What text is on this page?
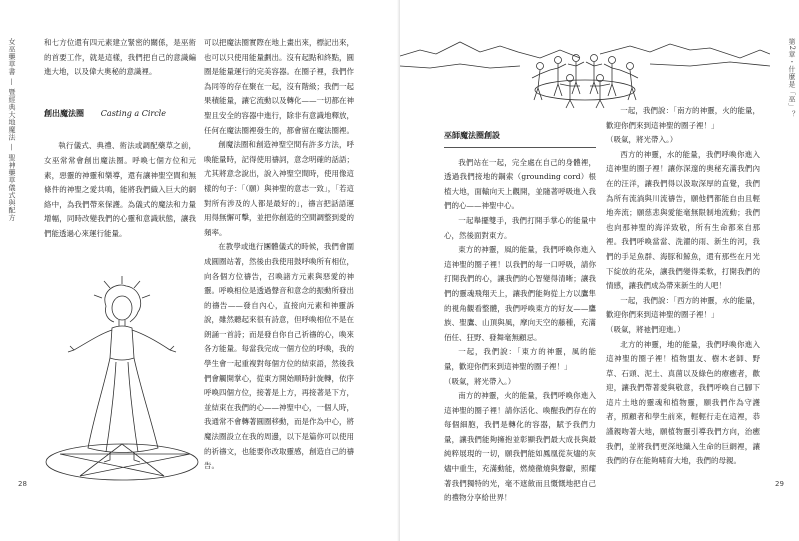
女巫藥草書 — 暨經典大地魔法 — 聖神藥草儀式與配方	和七方位還有四元素建立緊密的關係，是巫術的首要工作，就是這樣，我們把自己的意識編進大地，以及偉大奧秘的意識裡。

創出魔法圈 Casting a Circle

執行儀式、典禮、術法或調配藥草之前，女巫常常會創出魔法圈。呼喚七個方位和元素，惡靈的神靈和樂導，還有讓神聖空間和無條件的神聖之愛共鳴，能將我們織入巨大的網絡中，為我們帶來保護。為儀式的魔法和力量增幅，同時改變我們的心靈和意識狀態，讓我們能透過心來運行能量。

可以把魔法圈實際在地上畫出來，標記出來，也可以只使用能量劃出。沒有起點和終點，圓圈是能量運行的完美容器。在圈子裡，我們作為同等的存在聚在一起，沒有階級；我們一起果積能量，讓它流動以及轉化——一切都在神聖且安全的容器中進行，除非有意識地釋放，任何在魔法圈裡發生的，都會留在魔法圈裡。

創魔法圈和創造神聖空間有許多方法，呼喚能量時，記得使用禱詞，意念明確的話語；尤其將意念說出，說入神聖空間時，使用像這樣的句子：「（願）與神聖的意志一致」，「若這對所有涉及的人都是最好的」，禱言把話語運用得無懈可擊，並把你創造的空間調整到愛的頻率。

在教學或進行團體儀式的時候，我們會圍成圓圈站著，然後由我使用鼓呼喚所有相位，向各個方位禱告，召喚諸方元素與惡愛的神靈。呼喚相位是透過聲音和意念的振動所發出的禱告——發自內心，直接向元素和神靈訴說，雖然聽起來很有詩意，但呼喚相位不是在朗誦一首詩；而是發自你自己祈禱的心，喚來各方能量。每當我完成一個方位的呼喚，我的學生會一起重複對每個方位的結束語，然後我們會觸開掌心，從東方開始順時針旋轉，依序呼喚四個方位，接著是上方，再接著是下方，並結束在我們的心——神聖中心，一個人時，我通常不會轉著圓圈移動，而是作為中心，將魔法圈設立在我的周邊，以下是篇你可以使用的祈禱文，也能要你改取靈感，創造自己的禱告。

28
巫師魔法圈創設

我們站在一起，完全處在自己的身體裡，透過我們接地的鋼索（grounding cord）根植大地，面輸向天上觀開，並隨著呼吸進入我們的心——神聖中心。

一起舉擺雙手，我們打開手掌心的能量中心，然後面對東方。

東方的神靈，風的能量，我們呼喚你進入這神聖的圈子裡！以我們的每一口呼吸，請你打開我們的心，讓我們的心智變得清晰；讓我們的靈魂飛翔天上，讓我們能夠從上方以鷹隼的視角觀看整體，我們呼喚東方的好友——鷹族、聖鷹、山頂與風，摩向天空的藤種，充滿佰任、狂野、發舞毫無顧忌。

一起，我們說：「東方的神靈，風的能量，歡迎你們來到這神聖的圈子裡！」

（吸氣，將光帶入。）

南方的神靈，火的能量，我們呼喚你進入這神聖的圈子裡！請你活化、喚醒我們存在的每個細胞，我們是轉化的容器，賦予我們力量，讓我們能夠擁抱並彰顯我們最大成長與最純粹展現的一切，願我們能如鳳凰從灰燼的灰燼中重生，充滿動能，燃燒徹燒與聲獻，照耀著我們獨特的光，毫不遮斂而且慨慨地把自己的禮物分享給世界！

一起，我們說：「南方的神靈，火的能量，歡迎你們來到這神聖的圈子裡！」

（吸氣，將光帶入。）

西方的神靈，水的能量，我們呼喚你進入這神聖的圈子裡！讓你深邃的奧秘充滿我們內在的汪洋，讓我們得以汲取深厚的直覺，我們為所有流淌與川流禱告，願他們都能自由且輕地奔流；願慈悲與愛能毫無限制地流動；我們也向那神聖的海洋致敬，所有生命都來自那裡。我們呼喚當當、洗濯的雨、新生的河，我們的手足魚群、海豚和鯨魚，還有那些在月光下綻放的花朵，讓我們變得柔軟，打開我們的情感，讓我們成為帶來新生的人吧！

一起，我們說：「西方的神靈，水的能量，歡迎你們來到這神聖的圈子裡！」

（吸氣，將祂們迎進。）

北方的神靈，地的能量，我們呼喚你進入這神聖的圈子裡！植物盟友、樹木老師、野草、石頭、泥土、真菌以及綠色的療癒者，歡迎，讓我們帶著愛與敬意，我們呼喚自己腳下這片土地的靈魂和植物靈，願我們作為守護者，照顧者和學生前來，輕輕行走在這裡，恭謹親吻著大地，願植物靈引導我們方向，治癒我們，並將我們更深地織入生命的巨網裡，讓我們的存在能夠哺育大地，我們的母親。

第2章・什麼是「巫」？
29
